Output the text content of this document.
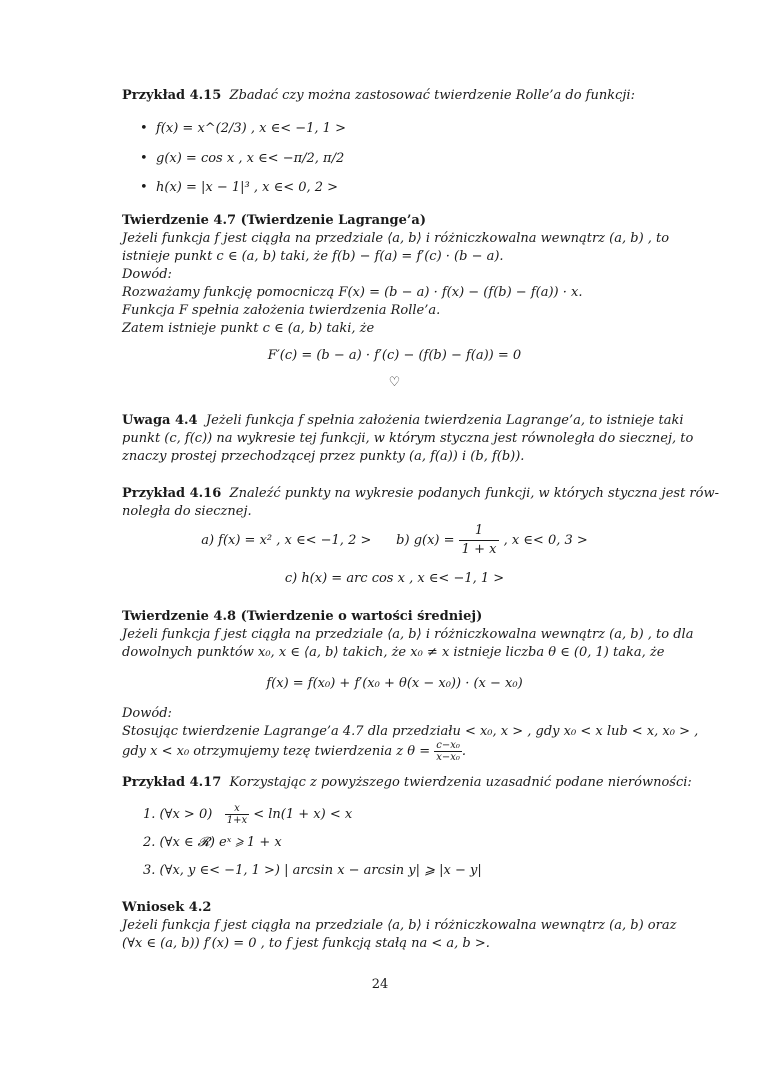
Przykład 4.15 Zbadać czy można zastosować twierdzenie Rolle’a do funkcji:
• f(x) = x^(2/3) , x ∈< −1, 1 >
• g(x) = cos x , x ∈< −π/2, π/2
• h(x) = |x − 1|³ , x ∈< 0, 2 >
Twierdzenie 4.7 (Twierdzenie Lagrange’a)
Jeżeli funkcja f jest ciągła na przedziale ⟨a, b⟩ i różniczkowalna wewnątrz (a, b) , to
istnieje punkt c ∈ (a, b) taki, że f(b) − f(a) = f′(c) · (b − a).
Dowód:
Rozważamy funkcję pomocniczą F(x) = (b − a) · f(x) − (f(b) − f(a)) · x.
Funkcja F spełnia założenia twierdzenia Rolle’a.
Zatem istnieje punkt c ∈ (a, b) taki, że
F′(c) = (b − a) · f′(c) − (f(b) − f(a)) = 0
♡
Uwaga 4.4 Jeżeli funkcja f spełnia założenia twierdzenia Lagrange’a, to istnieje taki
punkt (c, f(c)) na wykresie tej funkcji, w którym styczna jest równoległa do siecznej, to
znaczy prostej przechodzącej przez punkty (a, f(a)) i (b, f(b)).
Przykład 4.16 Znaleźć punkty na wykresie podanych funkcji, w których styczna jest rów-
noległa do siecznej.
a) f(x) = x² , x ∈< −1, 2 > b) $g(x) = \frac{1}{1 + x}$ , x ∈< 0, 3 >
c) h(x) = arc cos x , x ∈< −1, 1 >
Twierdzenie 4.8 (Twierdzenie o wartości średniej)
Jeżeli funkcja f jest ciągła na przedziale ⟨a, b⟩ i różniczkowalna wewnątrz (a, b) , to dla
dowolnych punktów x₀, x ∈ ⟨a, b⟩ takich, że x₀ ≠ x istnieje liczba θ ∈ (0, 1) taka, że
f(x) = f(x₀) + f′(x₀ + θ(x − x₀)) · (x − x₀)
Dowód:
Stosując twierdzenie Lagrange’a 4.7 dla przedziału < x₀, x > , gdy x₀ < x lub < x, x₀ > ,
gdy x < x₀ otrzymujemy tezę twierdzenia z $\theta = \frac{\text{c−x₀}}{\text{x−x₀}}$ .
Przykład 4.17 Korzystając z powyższego twierdzenia uzasadnić podane nierówności:
1. (∀x > $0) \frac{x}{1+x} < \ln(1 + x) < x$
2. (∀x ∈ 𝓡) eˣ ⩾ 1 + x
3. (∀x, y ∈< −1, 1 >) | arcsin x − arcsin y| ⩾ |x − y|
Wniosek 4.2
Jeżeli funkcja f jest ciągła na przedziale ⟨a, b⟩ i różniczkowalna wewnątrz (a, b) oraz
(∀x ∈ (a, b)) f′(x) = 0 , to f jest funkcją stałą na < a, b >.
24
